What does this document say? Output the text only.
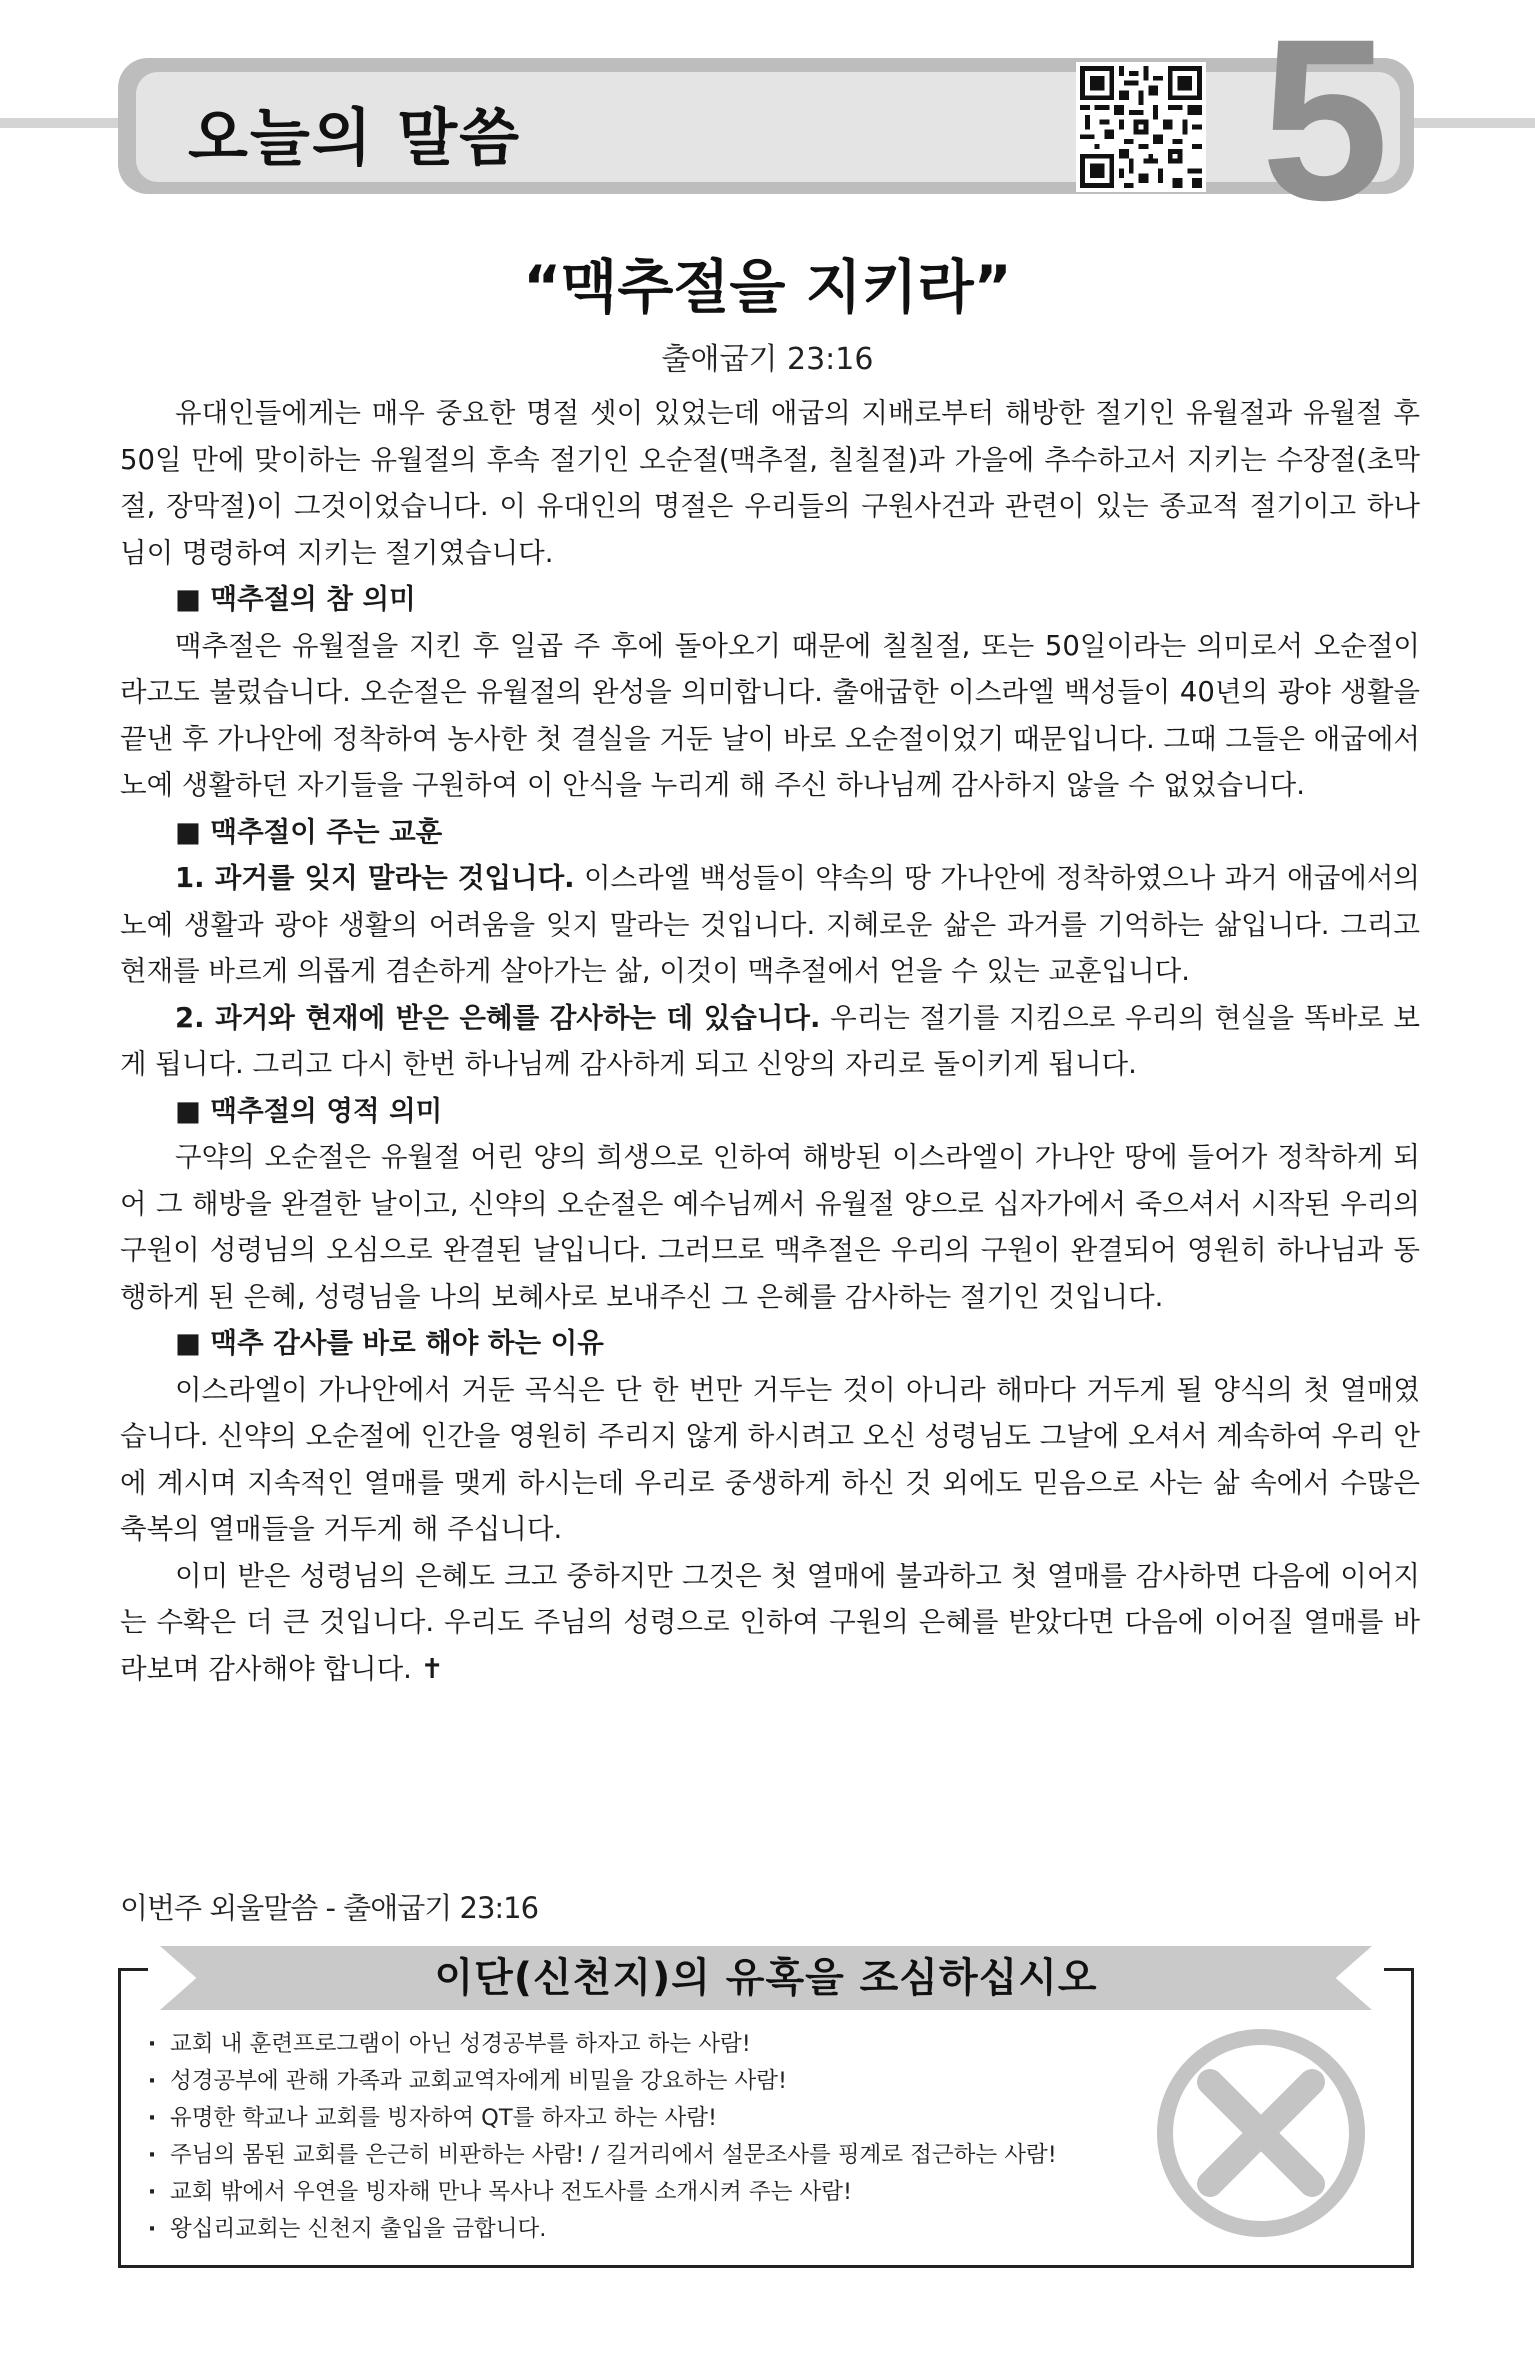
오늘의 말씀	5
“맥추절을 지키라”
출애굽기 23:16

유대인들에게는 매우 중요한 명절 셋이 있었는데 애굽의 지배로부터 해방한 절기인 유월절과 유월절 후 50일 만에 맞이하는 유월절의 후속 절기인 오순절(맥추절, 칠칠절)과 가을에 추수하고서 지키는 수장절(초막절, 장막절)이 그것이었습니다. 이 유대인의 명절은 우리들의 구원사건과 관련이 있는 종교적 절기이고 하나님이 명령하여 지키는 절기였습니다.

■ 맥추절의 참 의미

맥추절은 유월절을 지킨 후 일곱 주 후에 돌아오기 때문에 칠칠절, 또는 50일이라는 의미로서 오순절이라고도 불렀습니다. 오순절은 유월절의 완성을 의미합니다. 출애굽한 이스라엘 백성들이 40년의 광야 생활을 끝낸 후 가나안에 정착하여 농사한 첫 결실을 거둔 날이 바로 오순절이었기 때문입니다. 그때 그들은 애굽에서 노예 생활하던 자기들을 구원하여 이 안식을 누리게 해 주신 하나님께 감사하지 않을 수 없었습니다.

■ 맥추절이 주는 교훈

1. 과거를 잊지 말라는 것입니다. 이스라엘 백성들이 약속의 땅 가나안에 정착하였으나 과거 애굽에서의 노예 생활과 광야 생활의 어려움을 잊지 말라는 것입니다. 지혜로운 삶은 과거를 기억하는 삶입니다. 그리고 현재를 바르게 의롭게 겸손하게 살아가는 삶, 이것이 맥추절에서 얻을 수 있는 교훈입니다.

2. 과거와 현재에 받은 은혜를 감사하는 데 있습니다. 우리는 절기를 지킴으로 우리의 현실을 똑바로 보게 됩니다. 그리고 다시 한번 하나님께 감사하게 되고 신앙의 자리로 돌이키게 됩니다.

■ 맥추절의 영적 의미

구약의 오순절은 유월절 어린 양의 희생으로 인하여 해방된 이스라엘이 가나안 땅에 들어가 정착하게 되어 그 해방을 완결한 날이고, 신약의 오순절은 예수님께서 유월절 양으로 십자가에서 죽으셔서 시작된 우리의 구원이 성령님의 오심으로 완결된 날입니다. 그러므로 맥추절은 우리의 구원이 완결되어 영원히 하나님과 동행하게 된 은혜, 성령님을 나의 보혜사로 보내주신 그 은혜를 감사하는 절기인 것입니다.

■ 맥추 감사를 바로 해야 하는 이유

이스라엘이 가나안에서 거둔 곡식은 단 한 번만 거두는 것이 아니라 해마다 거두게 될 양식의 첫 열매였습니다. 신약의 오순절에 인간을 영원히 주리지 않게 하시려고 오신 성령님도 그날에 오셔서 계속하여 우리 안에 계시며 지속적인 열매를 맺게 하시는데 우리로 중생하게 하신 것 외에도 믿음으로 사는 삶 속에서 수많은 축복의 열매들을 거두게 해 주십니다.

이미 받은 성령님의 은혜도 크고 중하지만 그것은 첫 열매에 불과하고 첫 열매를 감사하면 다음에 이어지는 수확은 더 큰 것입니다. 우리도 주님의 성령으로 인하여 구원의 은혜를 받았다면 다음에 이어질 열매를 바라보며 감사해야 합니다. ✝

이번주 외울말씀 - 출애굽기 23:16
이단(신천지)의 유혹을 조심하십시오
· 교회 내 훈련프로그램이 아닌 성경공부를 하자고 하는 사람!
· 성경공부에 관해 가족과 교회교역자에게 비밀을 강요하는 사람!
· 유명한 학교나 교회를 빙자하여 QT를 하자고 하는 사람!
· 주님의 몸된 교회를 은근히 비판하는 사람! / 길거리에서 설문조사를 핑계로 접근하는 사람!
· 교회 밖에서 우연을 빙자해 만나 목사나 전도사를 소개시켜 주는 사람!
· 왕십리교회는 신천지 출입을 금합니다.
